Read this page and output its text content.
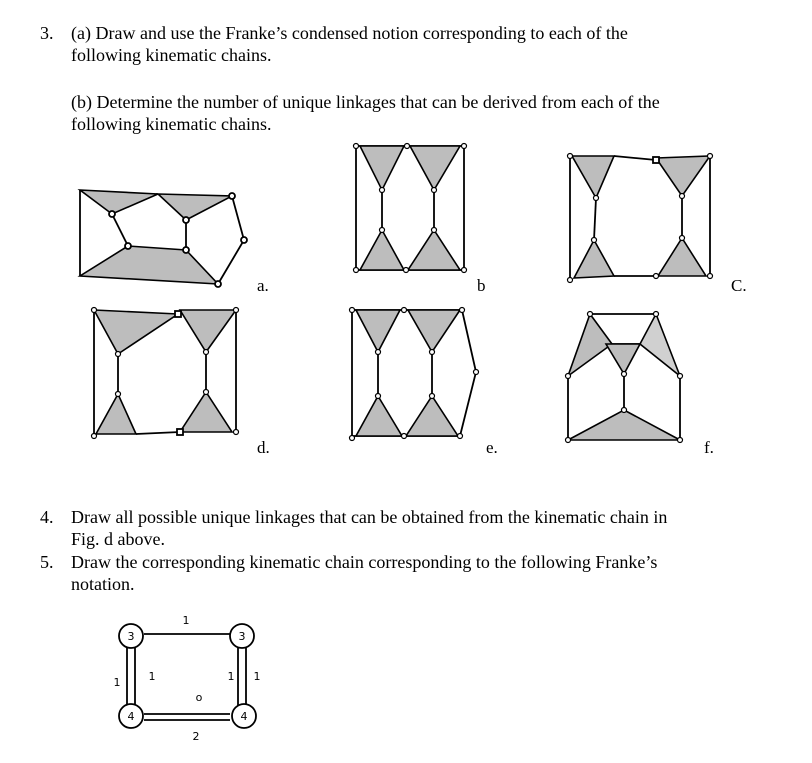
3. (a) Draw and use the Franke’s condensed notion corresponding to each of the
following kinematic chains.
(b) Determine the number of unique linkages that can be derived from each of the
following kinematic chains.
3	3
4	4
1
1	1	1 1
2
o
a.	b	C.
d.	e.	f.
4. Draw all possible unique linkages that can be obtained from the kinematic chain in
Fig. d above.
5. Draw the corresponding kinematic chain corresponding to the following Franke’s
notation.
